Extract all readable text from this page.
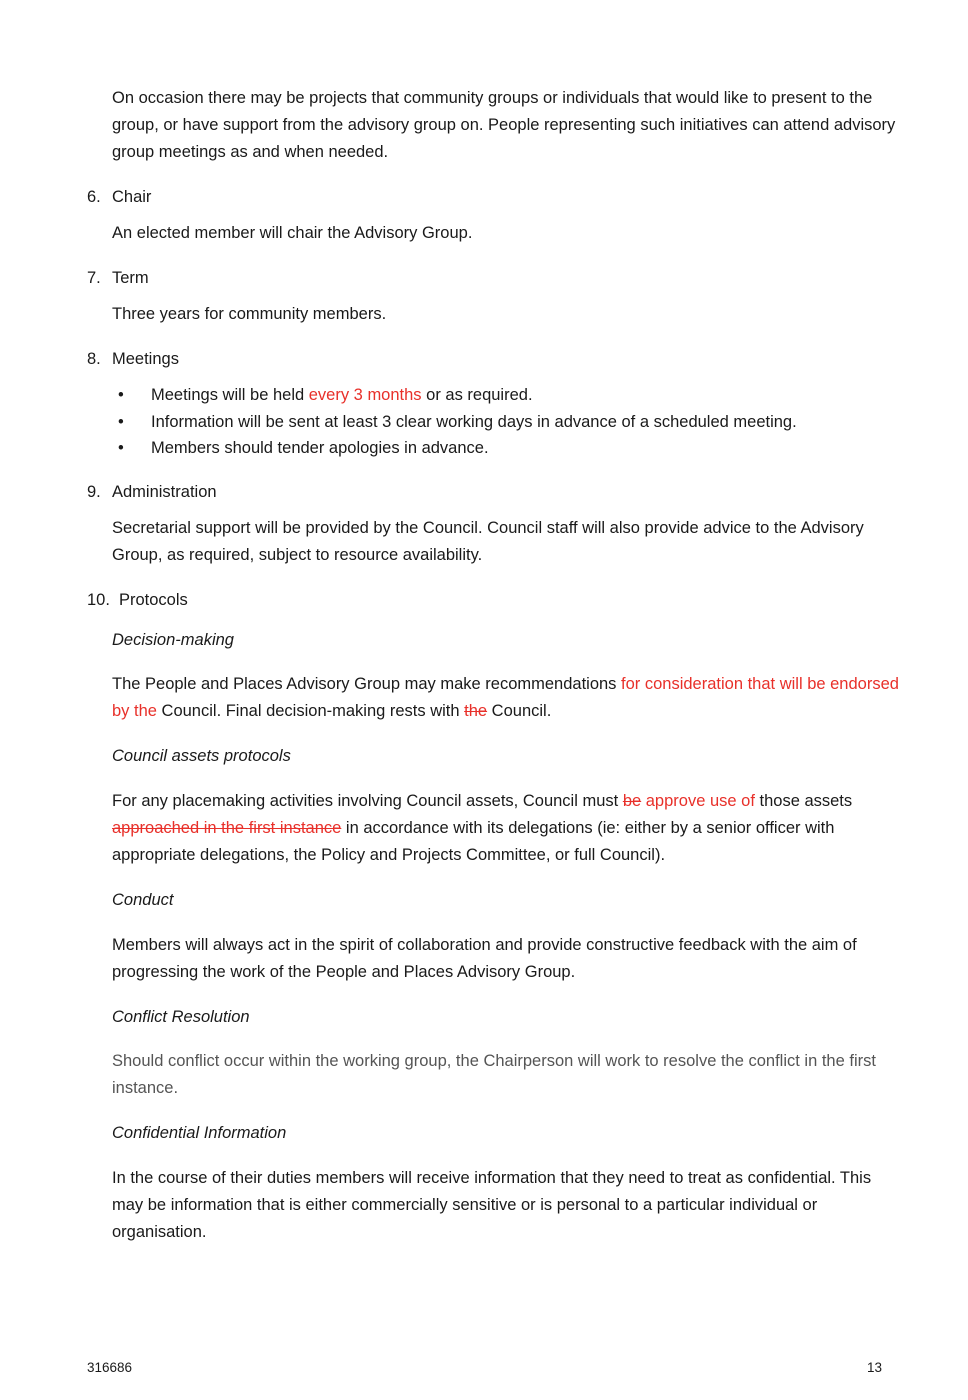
On occasion there may be projects that community groups or individuals that would like to present to the group, or have support from the advisory group on. People representing such initiatives can attend advisory group meetings as and when needed.

6. Chair

An elected member will chair the Advisory Group.

7. Term

Three years for community members.

8. Meetings

• Meetings will be held every 3 months or as required.
• Information will be sent at least 3 clear working days in advance of a scheduled meeting.
• Members should tender apologies in advance.

9. Administration

Secretarial support will be provided by the Council. Council staff will also provide advice to the Advisory Group, as required, subject to resource availability.

10. Protocols

Decision-making

The People and Places Advisory Group may make recommendations for consideration that will be endorsed by the Council. Final decision-making rests with the Council.

Council assets protocols

For any placemaking activities involving Council assets, Council must be approve use of those assets approached in the first instance in accordance with its delegations (ie: either by a senior officer with appropriate delegations, the Policy and Projects Committee, or full Council).

Conduct

Members will always act in the spirit of collaboration and provide constructive feedback with the aim of progressing the work of the People and Places Advisory Group.

Conflict Resolution

Should conflict occur within the working group, the Chairperson will work to resolve the conflict in the first instance.

Confidential Information

In the course of their duties members will receive information that they need to treat as confidential. This may be information that is either commercially sensitive or is personal to a particular individual or organisation.

316686	13
